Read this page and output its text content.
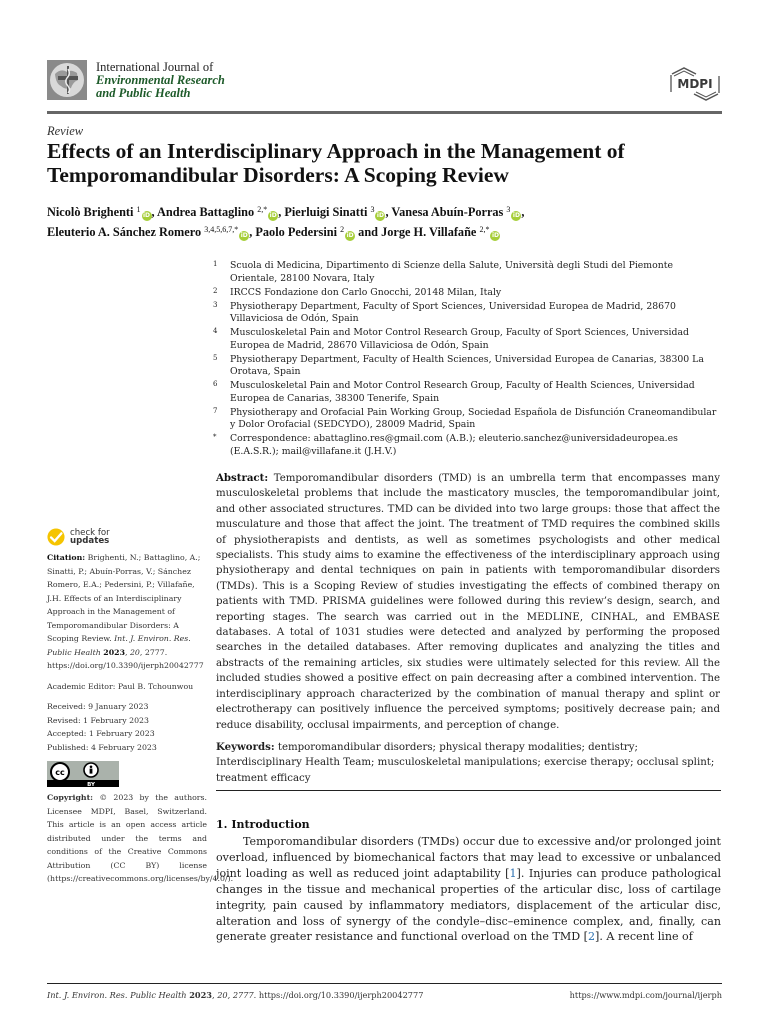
International Journal of
Environmental Research
and Public Health
MDPI
Review
Effects of an Interdisciplinary Approach in the Management of Temporomandibular Disorders: A Scoping Review
Nicolò Brighenti $^1$iD, Andrea Battaglino $^{2,*}$iD, Pierluigi Sinatti $^3$iD, Vanesa Abuín-Porras $^3$iD,
Eleuterio A. Sánchez Romero $^{3,4,5,6,7,*}$iD, Paolo Pedersini $^2$iD and Jorge H. Villafañe $^{2,*}$iD
1 Scuola di Medicina, Dipartimento di Scienze della Salute, Università degli Studi del Piemonte Orientale, 28100 Novara, Italy
2 IRCCS Fondazione don Carlo Gnocchi, 20148 Milan, Italy
3 Physiotherapy Department, Faculty of Sport Sciences, Universidad Europea de Madrid, 28670 Villaviciosa de Odón, Spain
4 Musculoskeletal Pain and Motor Control Research Group, Faculty of Sport Sciences, Universidad Europea de Madrid, 28670 Villaviciosa de Odón, Spain
5 Physiotherapy Department, Faculty of Health Sciences, Universidad Europea de Canarias, 38300 La Orotava, Spain
6 Musculoskeletal Pain and Motor Control Research Group, Faculty of Health Sciences, Universidad Europea de Canarias, 38300 Tenerife, Spain
7 Physiotherapy and Orofacial Pain Working Group, Sociedad Española de Disfunción Craneomandibular y Dolor Orofacial (SEDCYDO), 28009 Madrid, Spain
* Correspondence: abattaglino.res@gmail.com (A.B.); eleuterio.sanchez@universidadeuropea.es (E.A.S.R.); mail@villafane.it (J.H.V.)
Abstract: Temporomandibular disorders (TMD) is an umbrella term that encompasses many musculoskeletal problems that include the masticatory muscles, the temporomandibular joint, and other associated structures. TMD can be divided into two large groups: those that affect the musculature and those that affect the joint. The treatment of TMD requires the combined skills of physiotherapists and dentists, as well as sometimes psychologists and other medical specialists. This study aims to examine the effectiveness of the interdisciplinary approach using physiotherapy and dental techniques on pain in patients with temporomandibular disorders (TMDs). This is a Scoping Review of studies investigating the effects of combined therapy on patients with TMD. PRISMA guidelines were followed during this review’s design, search, and reporting stages. The search was carried out in the MEDLINE, CINHAL, and EMBASE databases. A total of 1031 studies were detected and analyzed by performing the proposed searches in the detailed databases. After removing duplicates and analyzing the titles and abstracts of the remaining articles, six studies were ultimately selected for this review. All the included studies showed a positive effect on pain decreasing after a combined intervention. The interdisciplinary approach characterized by the combination of manual therapy and splint or electrotherapy can positively influence the perceived symptoms; positively decrease pain; and reduce disability, occlusal impairments, and perception of change.
Keywords: temporomandibular disorders; physical therapy modalities; dentistry; Interdisciplinary Health Team; musculoskeletal manipulations; exercise therapy; occlusal splint; treatment efficacy
check for
updates
Citation: Brighenti, N.; Battaglino, A.; Sinatti, P.; Abuín-Porras, V.; Sánchez Romero, E.A.; Pedersini, P.; Villafañe, J.H. Effects of an Interdisciplinary Approach in the Management of Temporomandibular Disorders: A Scoping Review. Int. J. Environ. Res. Public Health 2023, 20, 2777. https://doi.org/10.3390/ijerph20042777
Academic Editor: Paul B. Tchounwou
Received: 9 January 2023
Revised: 1 February 2023
Accepted: 1 February 2023
Published: 4 February 2023
cc
BY
Copyright: © 2023 by the authors. Licensee MDPI, Basel, Switzerland. This article is an open access article distributed under the terms and conditions of the Creative Commons Attribution (CC BY) license (https://creativecommons.org/licenses/by/4.0/).
1. Introduction
Temporomandibular disorders (TMDs) occur due to excessive and/or prolonged joint overload, influenced by biomechanical factors that may lead to excessive or unbalanced joint loading as well as reduced joint adaptability [1]. Injuries can produce pathological changes in the tissue and mechanical properties of the articular disc, loss of cartilage integrity, pain caused by inflammatory mediators, displacement of the articular disc, alteration and loss of synergy of the condyle–disc–eminence complex, and, finally, can generate greater resistance and functional overload on the TMD [2]. A recent line of
Int. J. Environ. Res. Public Health 2023, 20, 2777. https://doi.org/10.3390/ijerph20042777	https://www.mdpi.com/journal/ijerph
